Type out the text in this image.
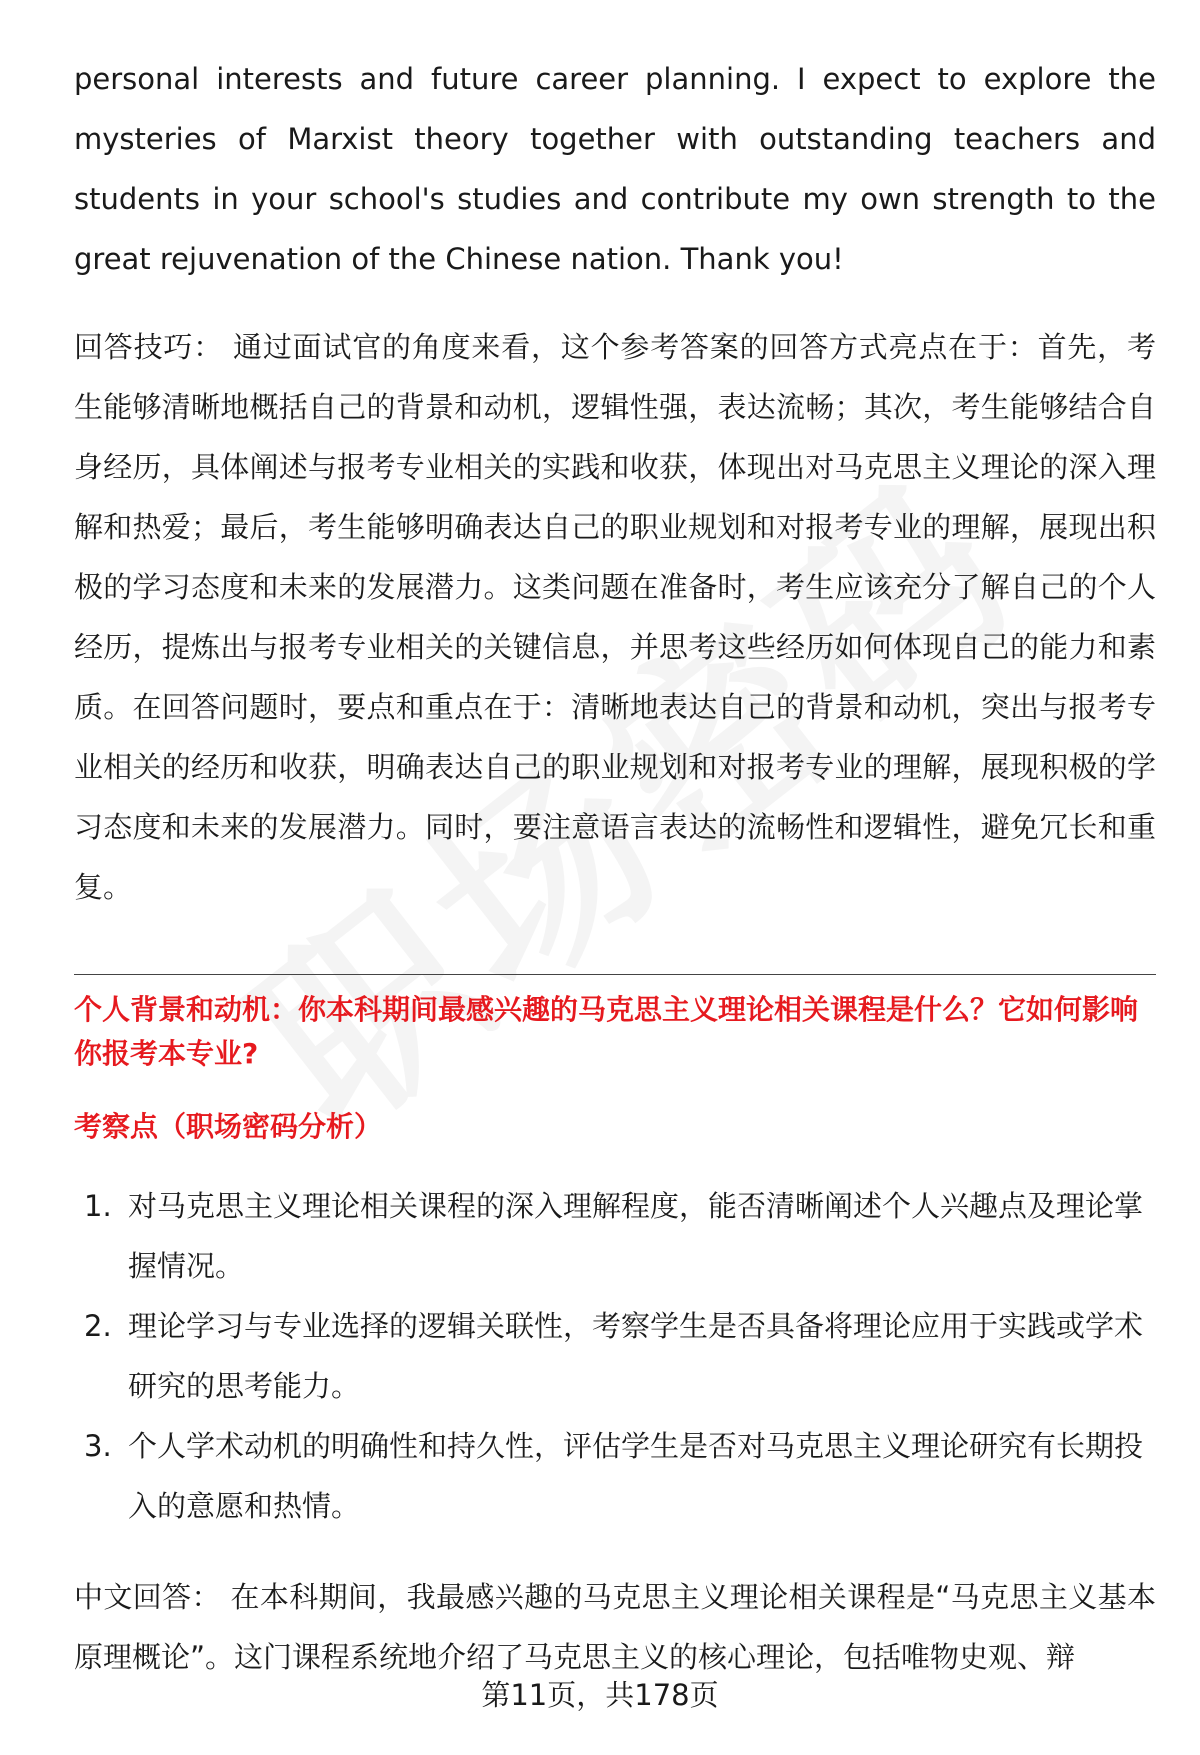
personal interests and future career planning. I expect to explore the mysteries of Marxist theory together with outstanding teachers and students in your school's studies and contribute my own strength to the great rejuvenation of the Chinese nation. Thank you!

回答技巧： 通过面试官的角度来看，这个参考答案的回答方式亮点在于：首先，考生能够清晰地概括自己的背景和动机，逻辑性强，表达流畅；其次，考生能够结合自身经历，具体阐述与报考专业相关的实践和收获，体现出对马克思主义理论的深入理解和热爱；最后，考生能够明确表达自己的职业规划和对报考专业的理解，展现出积极的学习态度和未来的发展潜力。这类问题在准备时，考生应该充分了解自己的个人经历，提炼出与报考专业相关的关键信息，并思考这些经历如何体现自己的能力和素质。在回答问题时，要点和重点在于：清晰地表达自己的背景和动机，突出与报考专业相关的经历和收获，明确表达自己的职业规划和对报考专业的理解，展现积极的学习态度和未来的发展潜力。同时，要注意语言表达的流畅性和逻辑性，避免冗长和重复。

个人背景和动机：你本科期间最感兴趣的马克思主义理论相关课程是什么？它如何影响你报考本专业?

考察点（职场密码分析）

1. 对马克思主义理论相关课程的深入理解程度，能否清晰阐述个人兴趣点及理论掌握情况。
2. 理论学习与专业选择的逻辑关联性，考察学生是否具备将理论应用于实践或学术研究的思考能力。
3. 个人学术动机的明确性和持久性，评估学生是否对马克思主义理论研究有长期投入的意愿和热情。

中文回答： 在本科期间，我最感兴趣的马克思主义理论相关课程是“马克思主义基本原理概论”。这门课程系统地介绍了马克思主义的核心理论，包括唯物史观、辩

第11页，共178页
